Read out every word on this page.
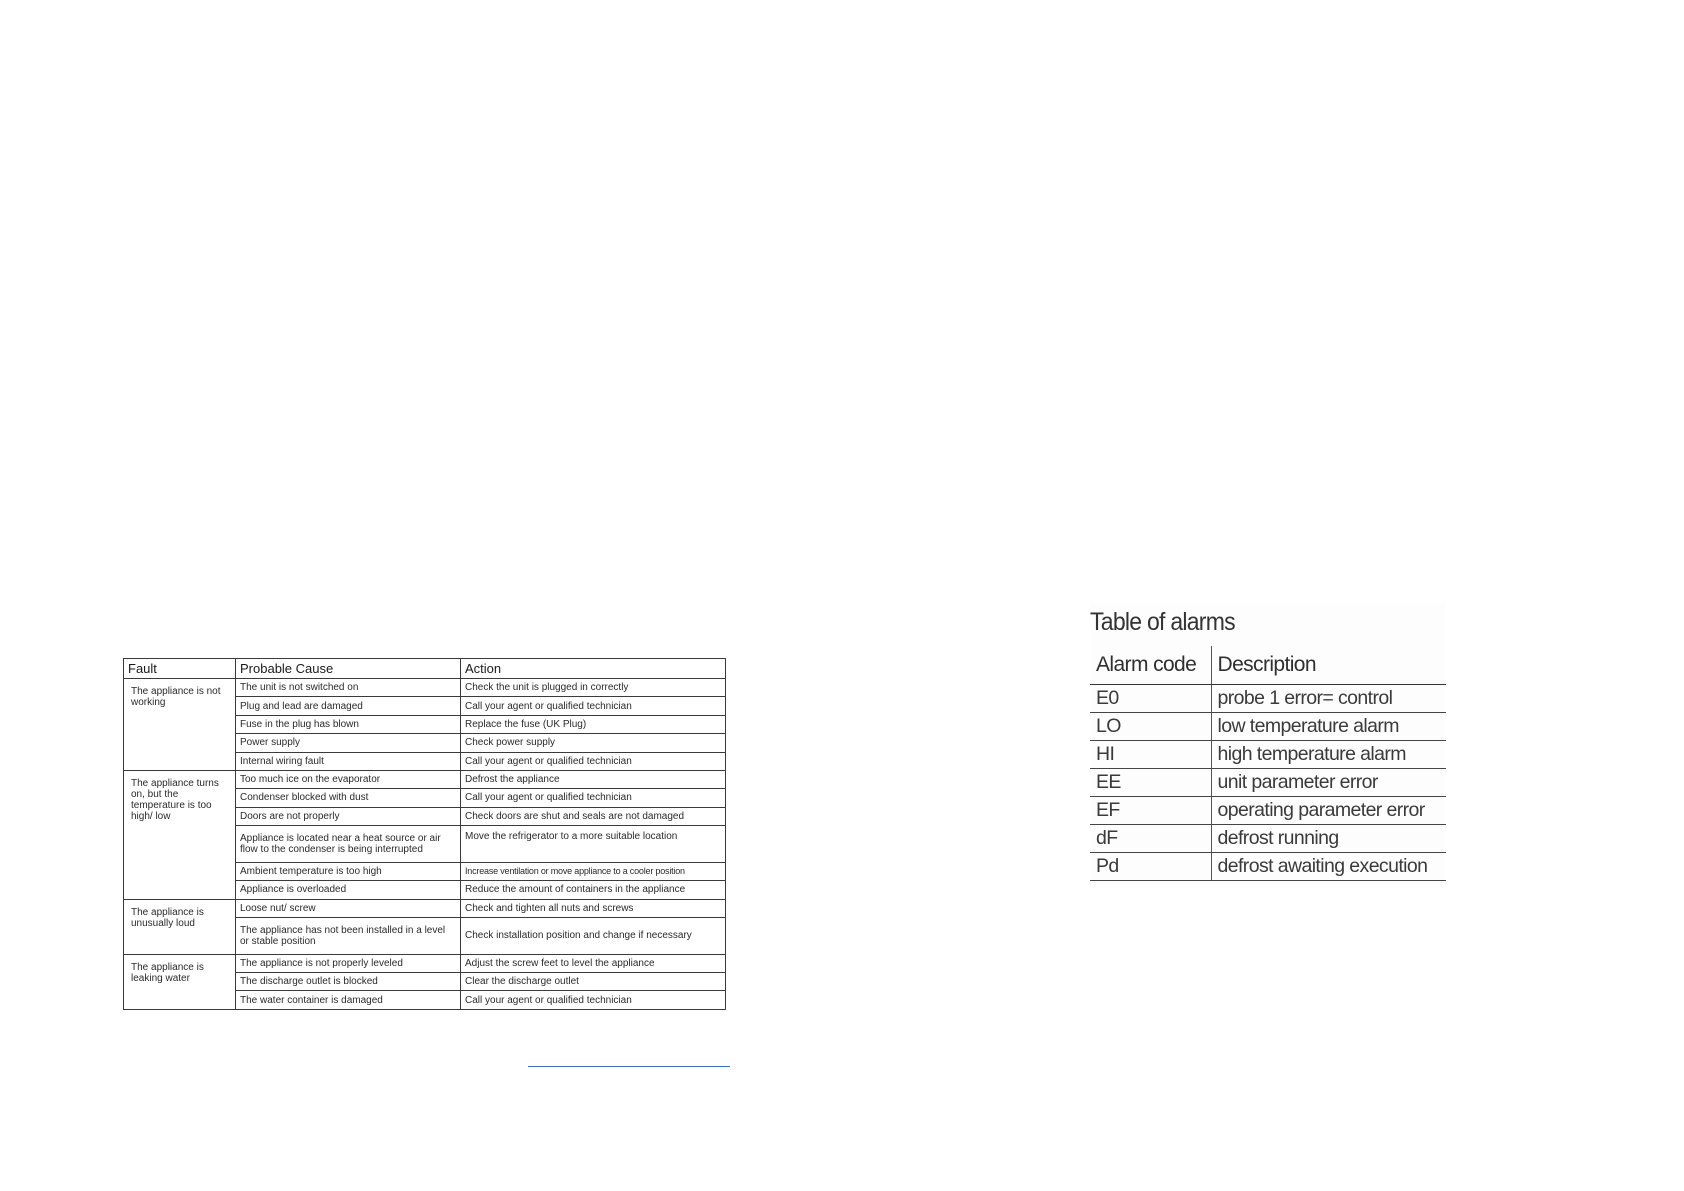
Fault	Probable Cause	Action
The appliance is not working	The unit is not switched on	Check the unit is plugged in correctly
	Plug and lead are damaged	Call your agent or qualified technician
	Fuse in the plug has blown	Replace the fuse (UK Plug)
	Power supply	Check power supply
	Internal wiring fault	Call your agent or qualified technician
The appliance turns on, but the temperature is too high/ low	Too much ice on the evaporator	Defrost the appliance
	Condenser blocked with dust	Call your agent or qualified technician
	Doors are not properly	Check doors are shut and seals are not damaged
	Appliance is located near a heat source or air flow to the condenser is being interrupted	Move the refrigerator to a more suitable location
	Ambient temperature is too high	Increase ventilation or move appliance to a cooler position
	Appliance is overloaded	Reduce the amount of containers in the appliance
The appliance is unusually loud	Loose nut/ screw	Check and tighten all nuts and screws
	The appliance has not been installed in a level or stable position	Check installation position and change if necessary
The appliance is leaking water	The appliance is not properly leveled	Adjust the screw feet to level the appliance
	The discharge outlet is blocked	Clear the discharge outlet
	The water container is damaged	Call your agent or qualified technician
Table of alarms
Alarm code	Description
E0	probe 1 error= control
LO	low temperature alarm
HI	high temperature alarm
EE	unit parameter error
EF	operating parameter error
dF	defrost running
Pd	defrost awaiting execution
